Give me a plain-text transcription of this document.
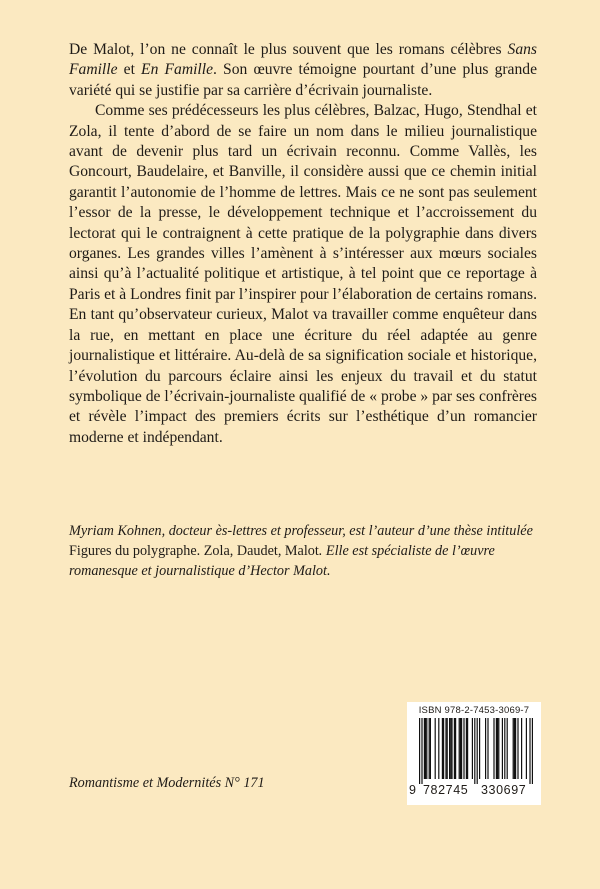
De Malot, l’on ne connaît le plus souvent que les romans célèbres Sans Famille et En Famille. Son œuvre témoigne pourtant d’une plus grande variété qui se justifie par sa carrière d’écrivain journaliste.

Comme ses prédécesseurs les plus célèbres, Balzac, Hugo, Stendhal et Zola, il tente d’abord de se faire un nom dans le milieu journalistique avant de devenir plus tard un écrivain reconnu. Comme Vallès, les Goncourt, Baudelaire, et Banville, il considère aussi que ce chemin initial garantit l’autonomie de l’homme de lettres. Mais ce ne sont pas seulement l’essor de la presse, le développement technique et l’accroissement du lectorat qui le contraignent à cette pratique de la polygraphie dans divers organes. Les grandes villes l’amènent à s’intéresser aux mœurs sociales ainsi qu’à l’actualité politique et artistique, à tel point que ce reportage à Paris et à Londres finit par l’inspirer pour l’élaboration de certains romans. En tant qu’observateur curieux, Malot va travailler comme enquêteur dans la rue, en mettant en place une écriture du réel adaptée au genre journalistique et littéraire. Au-delà de sa signification sociale et historique, l’évolution du parcours éclaire ainsi les enjeux du travail et du statut symbolique de l’écrivain-journaliste qualifié de « probe » par ses confrères et révèle l’impact des premiers écrits sur l’esthétique d’un romancier moderne et indépendant.

Myriam Kohnen, docteur ès-lettres et professeur, est l’auteur d’une thèse intitulée Figures du polygraphe. Zola, Daudet, Malot. Elle est spécialiste de l’œuvre romanesque et journalistique d’Hector Malot.
Romantisme et Modernités N° 171
ISBN 978-2-7453-3069-7
9 782745 330697
